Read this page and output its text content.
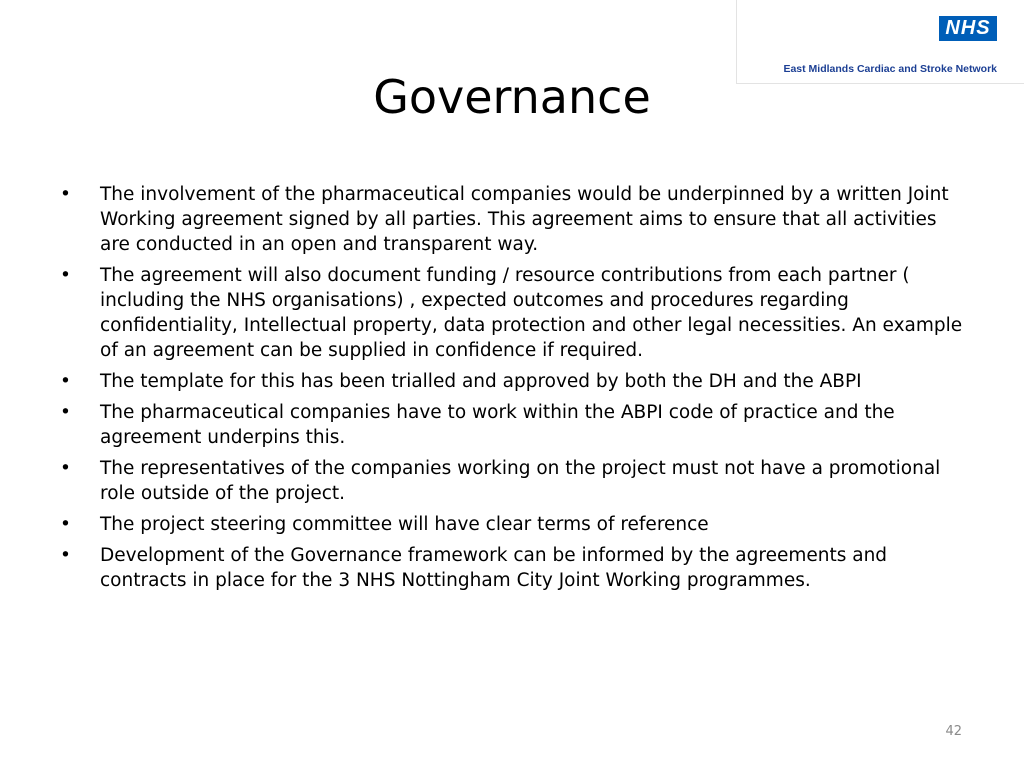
NHS
East Midlands Cardiac and Stroke Network
Governance
•	The involvement of the pharmaceutical companies would be underpinned by a written Joint Working agreement signed by all parties. This agreement aims to ensure that all activities are conducted in an open and transparent way.
•	The agreement will also document funding / resource contributions from each partner ( including the NHS organisations) , expected outcomes and procedures regarding confidentiality, Intellectual property, data protection and other legal necessities. An example of an agreement can be supplied in confidence if required.
•	The template for this has been trialled and approved by both the DH and the ABPI
•	The pharmaceutical companies have to work within the ABPI code of practice and the agreement underpins this.
•	The representatives of the companies working on the project must not have a promotional role outside of the project.
•	The project steering committee will have clear terms of reference
•	Development of the Governance framework can be informed by the agreements and contracts in place for the 3 NHS Nottingham City Joint Working programmes.
42
